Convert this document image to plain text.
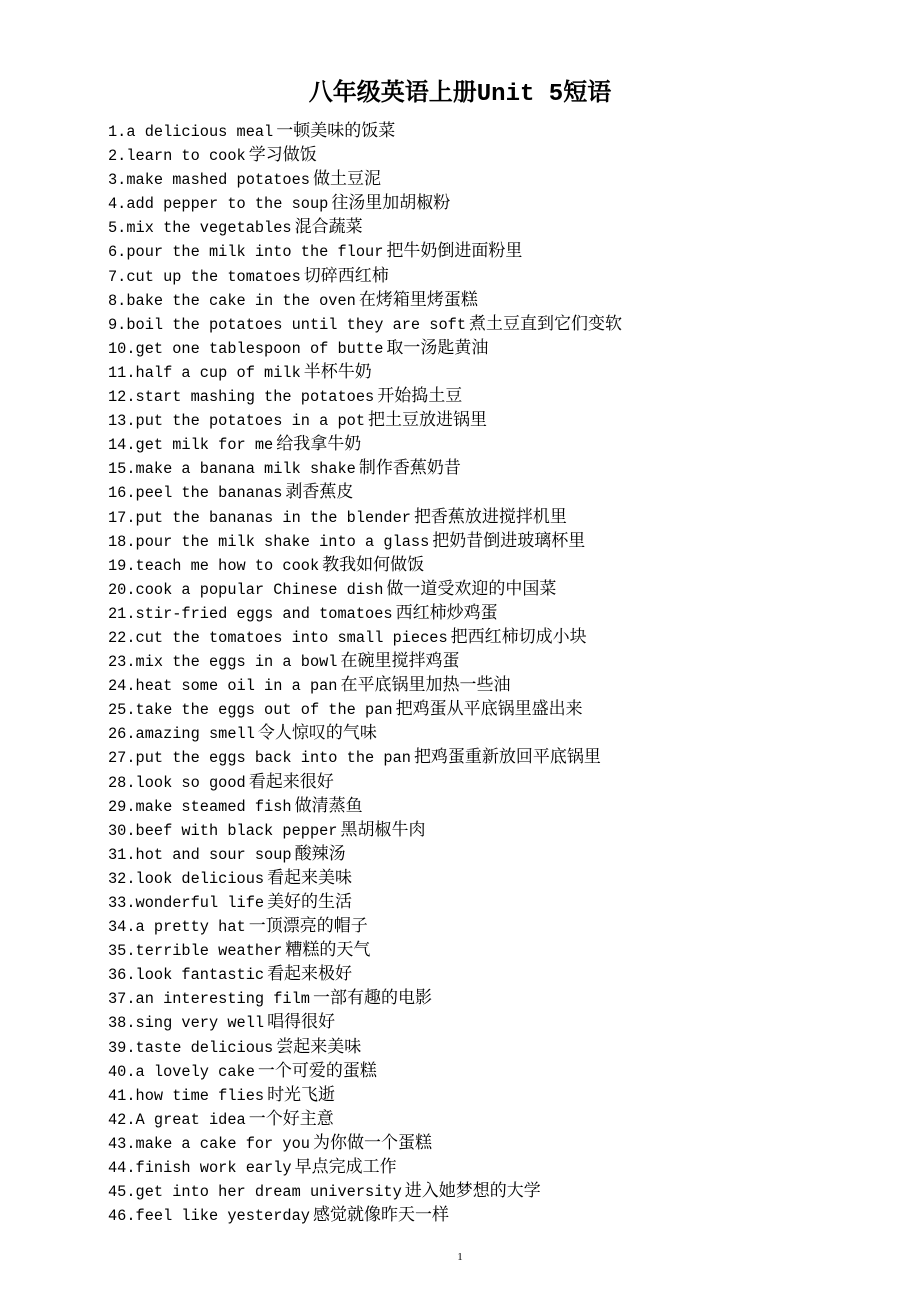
八年级英语上册Unit 5短语
1.a delicious meal 一顿美味的饭菜
2.learn to cook 学习做饭
3.make mashed potatoes 做土豆泥
4.add pepper to the soup 往汤里加胡椒粉
5.mix the vegetables 混合蔬菜
6.pour the milk into the flour 把牛奶倒进面粉里
7.cut up the tomatoes 切碎西红柿
8.bake the cake in the oven 在烤箱里烤蛋糕
9.boil the potatoes until they are soft 煮土豆直到它们变软
10.get one tablespoon of butte 取一汤匙黄油
11.half a cup of milk 半杯牛奶
12.start mashing the potatoes 开始捣土豆
13.put the potatoes in a pot 把土豆放进锅里
14.get milk for me 给我拿牛奶
15.make a banana milk shake 制作香蕉奶昔
16.peel the bananas 剥香蕉皮
17.put the bananas in the blender 把香蕉放进搅拌机里
18.pour the milk shake into a glass 把奶昔倒进玻璃杯里
19.teach me how to cook 教我如何做饭
20.cook a popular Chinese dish 做一道受欢迎的中国菜
21.stir-fried eggs and tomatoes 西红柿炒鸡蛋
22.cut the tomatoes into small pieces 把西红柿切成小块
23.mix the eggs in a bowl 在碗里搅拌鸡蛋
24.heat some oil in a pan 在平底锅里加热一些油
25.take the eggs out of the pan 把鸡蛋从平底锅里盛出来
26.amazing smell 令人惊叹的气味
27.put the eggs back into the pan 把鸡蛋重新放回平底锅里
28.look so good 看起来很好
29.make steamed fish 做清蒸鱼
30.beef with black pepper 黑胡椒牛肉
31.hot and sour soup 酸辣汤
32.look delicious 看起来美味
33.wonderful life 美好的生活
34.a pretty hat 一顶漂亮的帽子
35.terrible weather 糟糕的天气
36.look fantastic 看起来极好
37.an interesting film 一部有趣的电影
38.sing very well 唱得很好
39.taste delicious 尝起来美味
40.a lovely cake 一个可爱的蛋糕
41.how time flies 时光飞逝
42.A great idea 一个好主意
43.make a cake for you 为你做一个蛋糕
44.finish work early 早点完成工作
45.get into her dream university 进入她梦想的大学
46.feel like yesterday 感觉就像昨天一样
1
